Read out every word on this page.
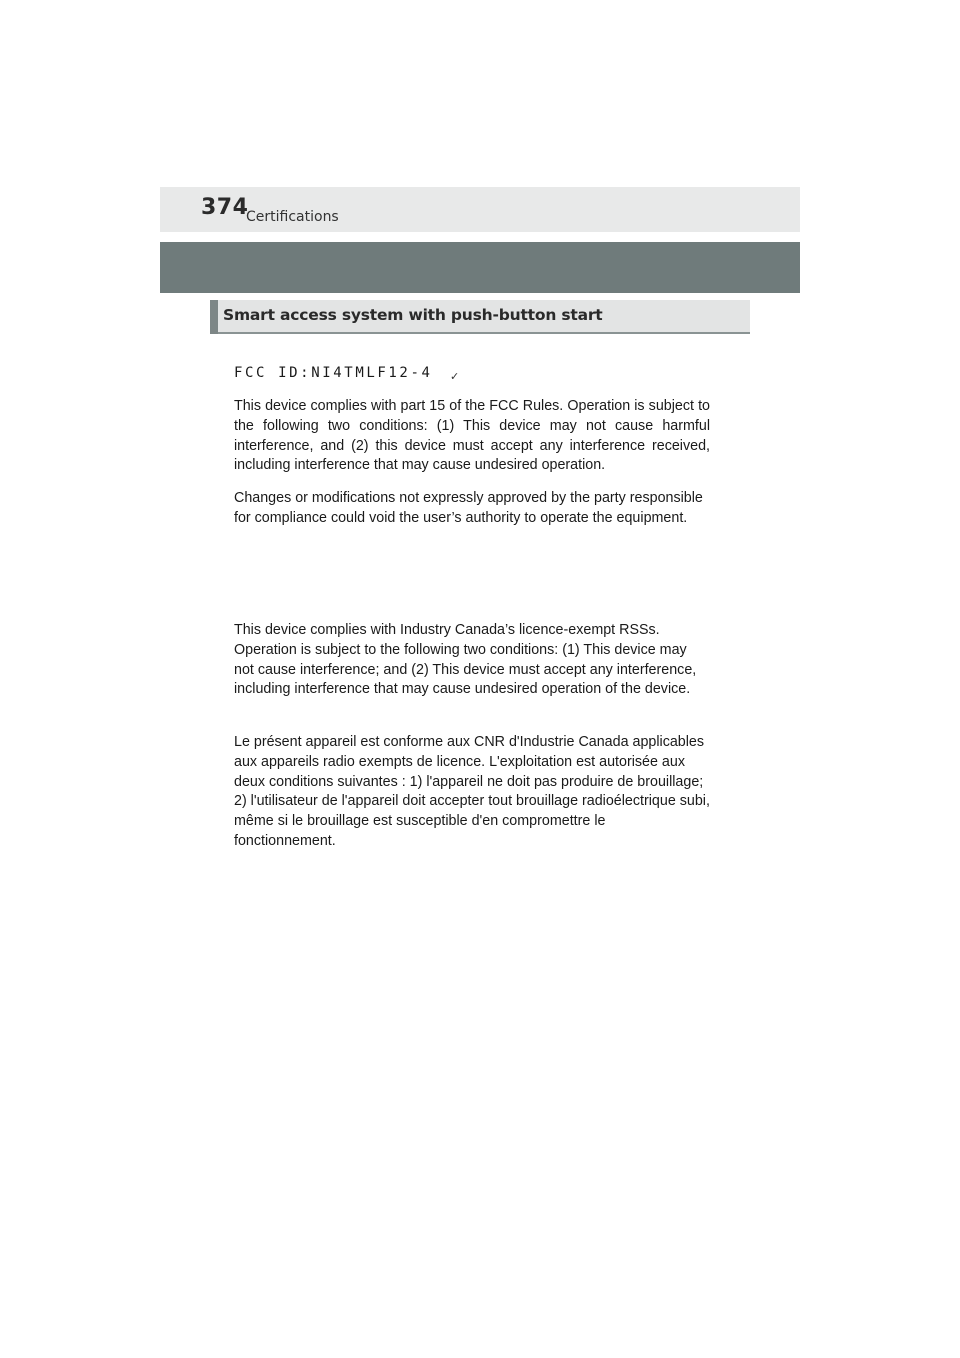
374
Certifications
Smart access system with push-button start
FCC ID:NI4TMLF12-4 ✓

This device complies with part 15 of the FCC Rules. Operation is subject to the following two conditions: (1) This device may not cause harmful interference, and (2) this device must accept any interference received, including interference that may cause undesired operation.

Changes or modifications not expressly approved by the party responsible for compliance could void the user’s authority to operate the equipment.

This device complies with Industry Canada’s licence-exempt RSSs. Operation is subject to the following two conditions: (1) This device may not cause interference; and (2) This device must accept any interference, including interference that may cause undesired operation of the device.

Le présent appareil est conforme aux CNR d'Industrie Canada applicables aux appareils radio exempts de licence. L'exploitation est autorisée aux deux conditions suivantes : 1) l'appareil ne doit pas produire de brouillage; 2) l'utilisateur de l'appareil doit accepter tout brouillage radioélectrique subi, même si le brouillage est susceptible d'en compromettre le fonctionnement.
